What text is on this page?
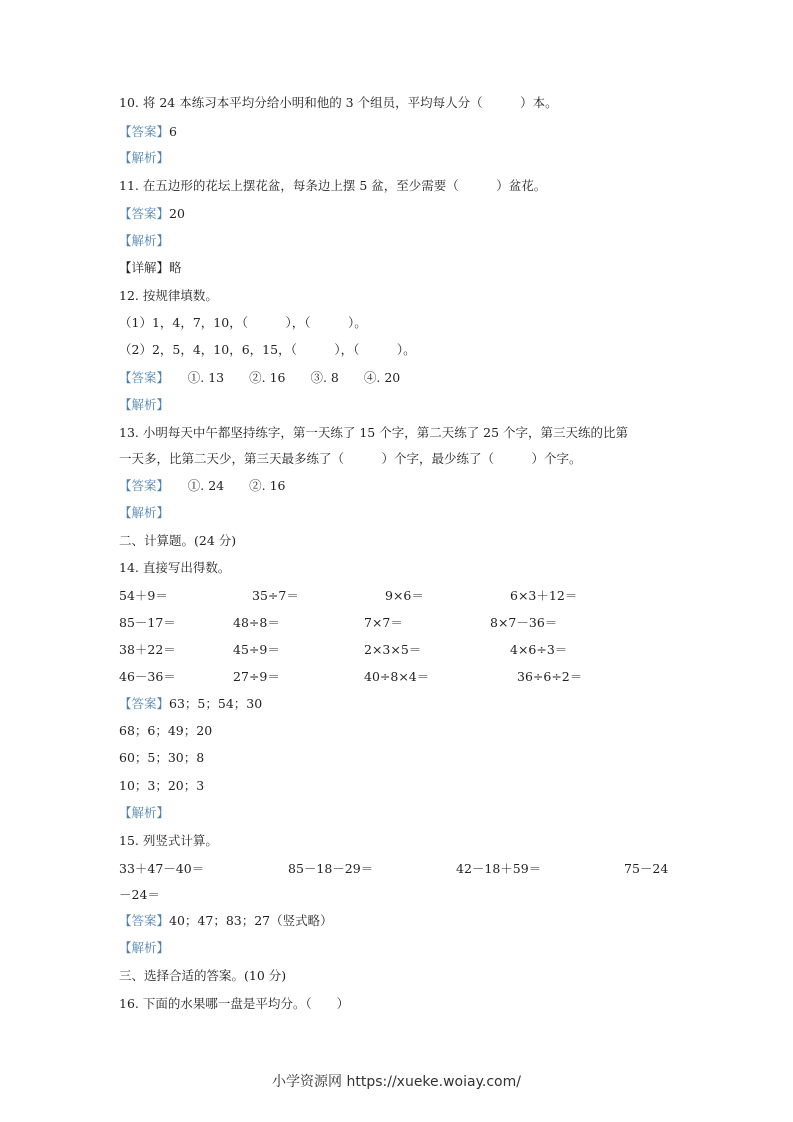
10. 将 24 本练习本平均分给小明和他的 3 个组员，平均每人分（　　　）本。
【答案】6
【解析】
11. 在五边形的花坛上摆花盆，每条边上摆 5 盆，至少需要（　　　）盆花。
【答案】20
【解析】
【详解】略
12. 按规律填数。
（1）1，4，7，10，（　　　），（　　　）。
（2）2，5，4，10，6，15，（　　　），（　　　）。
【答案】　　①. 13　　②. 16　　③. 8　　④. 20
【解析】
13. 小明每天中午都坚持练字，第一天练了 15 个字，第二天练了 25 个字，第三天练的比第
一天多，比第二天少，第三天最多练了（　　　）个字，最少练了（　　　）个字。
【答案】　　①. 24　　②. 16
【解析】
二、计算题。(24 分)
14. 直接写出得数。
54＋9＝	35÷7＝	9×6＝	6×3＋12＝
85－17＝	48÷8＝	7×7＝	8×7－36＝
38＋22＝	45÷9＝	2×3×5＝	4×6÷3＝
46－36＝	27÷9＝	40÷8×4＝	36÷6÷2＝
【答案】63；5；54；30
68；6；49；20
60；5；30；8
10；3；20；3
【解析】
15. 列竖式计算。
33＋47－40＝	85－18－29＝	42－18＋59＝	75－24
－24＝
【答案】40；47；83；27（竖式略）
【解析】
三、选择合适的答案。(10 分)
16. 下面的水果哪一盘是平均分。（　　）
小学资源网 https://xueke.woiay.com/
